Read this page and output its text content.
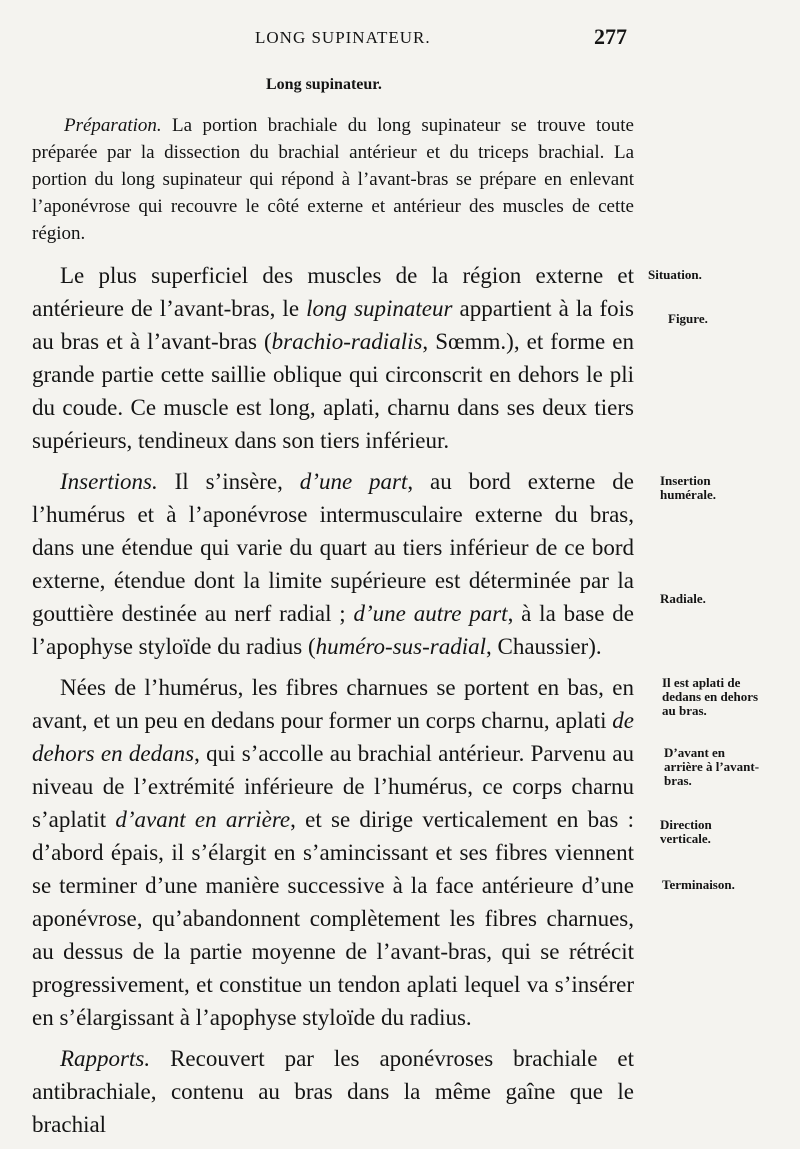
LONG SUPINATEUR.	277
Long supinateur.

Préparation. La portion brachiale du long supinateur se trouve toute préparée par la dissection du brachial antérieur et du triceps brachial. La portion du long supinateur qui répond à l’avant-bras se prépare en enlevant l’aponévrose qui recouvre le côté externe et antérieur des muscles de cette région.

Le plus superficiel des muscles de la région externe et antérieure de l’avant-bras, le long supinateur appartient à la fois au bras et à l’avant-bras (brachio-radialis, Sœmm.), et forme en grande partie cette saillie oblique qui circonscrit en dehors le pli du coude. Ce muscle est long, aplati, charnu dans ses deux tiers supérieurs, tendineux dans son tiers inférieur.

Insertions. Il s’insère, d’une part, au bord externe de l’humérus et à l’aponévrose intermusculaire externe du bras, dans une étendue qui varie du quart au tiers inférieur de ce bord externe, étendue dont la limite supérieure est déterminée par la gouttière destinée au nerf radial ; d’une autre part, à la base de l’apophyse styloïde du radius (huméro-sus-radial, Chaussier).

Nées de l’humérus, les fibres charnues se portent en bas, en avant, et un peu en dedans pour former un corps charnu, aplati de dehors en dedans, qui s’accolle au brachial antérieur. Parvenu au niveau de l’extrémité inférieure de l’humérus, ce corps charnu s’aplatit d’avant en arrière, et se dirige verticalement en bas : d’abord épais, il s’élargit en s’amincissant et ses fibres viennent se terminer d’une manière successive à la face antérieure d’une aponévrose, qu’abandonnent complètement les fibres charnues, au dessus de la partie moyenne de l’avant-bras, qui se rétrécit progressivement, et constitue un tendon aplati lequel va s’insérer en s’élargissant à l’apophyse styloïde du radius.

Rapports. Recouvert par les aponévroses brachiale et antibrachiale, contenu au bras dans la même gaîne que le brachial

Situation.
Figure.
Insertion humérale.
Radiale.
Il est aplati de dedans en dehors au bras.
D’avant en arrière à l’avant-bras.
Direction verticale.
Terminaison.
